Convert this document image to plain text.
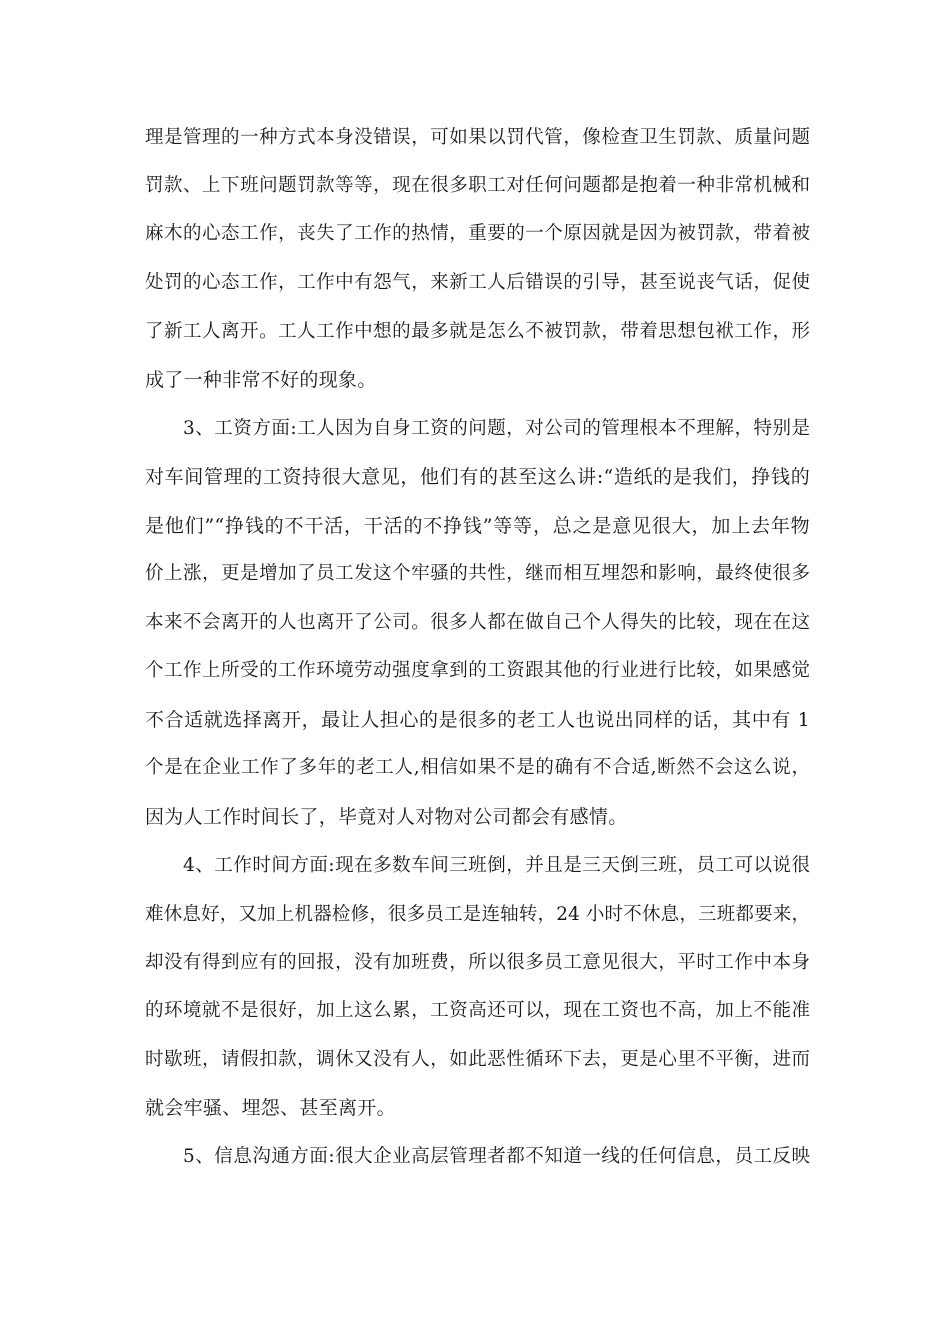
理是管理的一种方式本身没错误，可如果以罚代管，像检查卫生罚款、质量问题
罚款、上下班问题罚款等等，现在很多职工对任何问题都是抱着一种非常机械和
麻木的心态工作，丧失了工作的热情，重要的一个原因就是因为被罚款，带着被
处罚的心态工作，工作中有怨气，来新工人后错误的引导，甚至说丧气话，促使
了新工人离开。工人工作中想的最多就是怎么不被罚款，带着思想包袱工作，形
成了一种非常不好的现象。
3、工资方面:工人因为自身工资的问题，对公司的管理根本不理解，特别是
对车间管理的工资持很大意见，他们有的甚至这么讲:“造纸的是我们，挣钱的
是他们”“挣钱的不干活，干活的不挣钱”等等，总之是意见很大，加上去年物
价上涨，更是增加了员工发这个牢骚的共性，继而相互埋怨和影响，最终使很多
本来不会离开的人也离开了公司。很多人都在做自己个人得失的比较，现在在这
个工作上所受的工作环境劳动强度拿到的工资跟其他的行业进行比较，如果感觉
不合适就选择离开，最让人担心的是很多的老工人也说出同样的话，其中有 1
个是在企业工作了多年的老工人,相信如果不是的确有不合适,断然不会这么说，
因为人工作时间长了，毕竟对人对物对公司都会有感情。
4、工作时间方面:现在多数车间三班倒，并且是三天倒三班，员工可以说很
难休息好，又加上机器检修，很多员工是连轴转，24 小时不休息，三班都要来，
却没有得到应有的回报，没有加班费，所以很多员工意见很大，平时工作中本身
的环境就不是很好，加上这么累，工资高还可以，现在工资也不高，加上不能准
时歇班，请假扣款，调休又没有人，如此恶性循环下去，更是心里不平衡，进而
就会牢骚、埋怨、甚至离开。
5、信息沟通方面:很大企业高层管理者都不知道一线的任何信息，员工反映
